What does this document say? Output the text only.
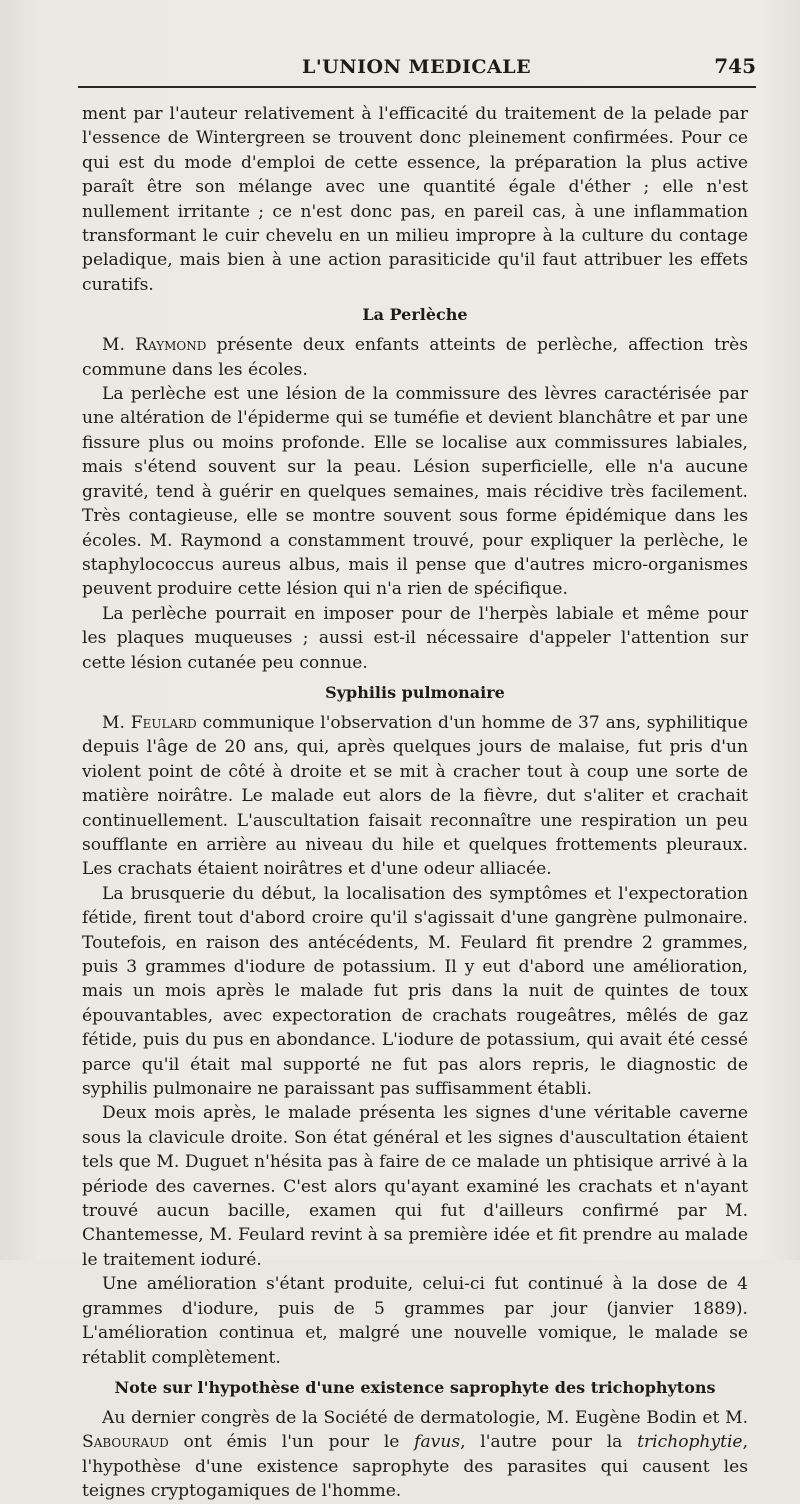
L'UNION MEDICALE	745

ment par l'auteur relativement à l'efficacité du traitement de la pelade par l'essence de Wintergreen se trouvent donc pleinement confirmées. Pour ce qui est du mode d'emploi de cette essence, la préparation la plus active paraît être son mélange avec une quantité égale d'éther ; elle n'est nullement irritante ; ce n'est donc pas, en pareil cas, à une inflammation transformant le cuir chevelu en un milieu impropre à la culture du contage peladique, mais bien à une action parasiticide qu'il faut attribuer les effets curatifs.

La Perlèche

M. Raymond présente deux enfants atteints de perlèche, affection très commune dans les écoles.

La perlèche est une lésion de la commissure des lèvres caractérisée par une altération de l'épiderme qui se tuméfie et devient blanchâtre et par une fissure plus ou moins profonde. Elle se localise aux commissures labiales, mais s'étend souvent sur la peau. Lésion superficielle, elle n'a aucune gravité, tend à guérir en quelques semaines, mais récidive très facilement. Très contagieuse, elle se montre souvent sous forme épidémique dans les écoles. M. Raymond a constamment trouvé, pour expliquer la perlèche, le staphylococcus aureus albus, mais il pense que d'autres micro-organismes peuvent produire cette lésion qui n'a rien de spécifique.

La perlèche pourrait en imposer pour de l'herpès labiale et même pour les plaques muqueuses ; aussi est-il nécessaire d'appeler l'attention sur cette lésion cutanée peu connue.

Syphilis pulmonaire

M. Feulard communique l'observation d'un homme de 37 ans, syphilitique depuis l'âge de 20 ans, qui, après quelques jours de malaise, fut pris d'un violent point de côté à droite et se mit à cracher tout à coup une sorte de matière noirâtre. Le malade eut alors de la fièvre, dut s'aliter et crachait continuellement. L'auscultation faisait reconnaître une respiration un peu soufflante en arrière au niveau du hile et quelques frottements pleuraux. Les crachats étaient noirâtres et d'une odeur alliacée.

La brusquerie du début, la localisation des symptômes et l'expectoration fétide, firent tout d'abord croire qu'il s'agissait d'une gangrène pulmonaire. Toutefois, en raison des antécédents, M. Feulard fit prendre 2 grammes, puis 3 grammes d'iodure de potassium. Il y eut d'abord une amélioration, mais un mois après le malade fut pris dans la nuit de quintes de toux épouvantables, avec expectoration de crachats rougeâtres, mêlés de gaz fétide, puis du pus en abondance. L'iodure de potassium, qui avait été cessé parce qu'il était mal supporté ne fut pas alors repris, le diagnostic de syphilis pulmonaire ne paraissant pas suffisamment établi.

Deux mois après, le malade présenta les signes d'une véritable caverne sous la clavicule droite. Son état général et les signes d'auscultation étaient tels que M. Duguet n'hésita pas à faire de ce malade un phtisique arrivé à la période des cavernes. C'est alors qu'ayant examiné les crachats et n'ayant trouvé aucun bacille, examen qui fut d'ailleurs confirmé par M. Chantemesse, M. Feulard revint à sa première idée et fit prendre au malade le traitement ioduré.

Une amélioration s'étant produite, celui-ci fut continué à la dose de 4 grammes d'iodure, puis de 5 grammes par jour (janvier 1889). L'amélioration continua et, malgré une nouvelle vomique, le malade se rétablit complètement.

Note sur l'hypothèse d'une existence saprophyte des trichophytons

Au dernier congrès de la Société de dermatologie, M. Eugène Bodin et M. Sabouraud ont émis l'un pour le favus, l'autre pour la trichophytie, l'hypothèse d'une existence saprophyte des parasites qui causent les teignes cryptogamiques de l'homme.
